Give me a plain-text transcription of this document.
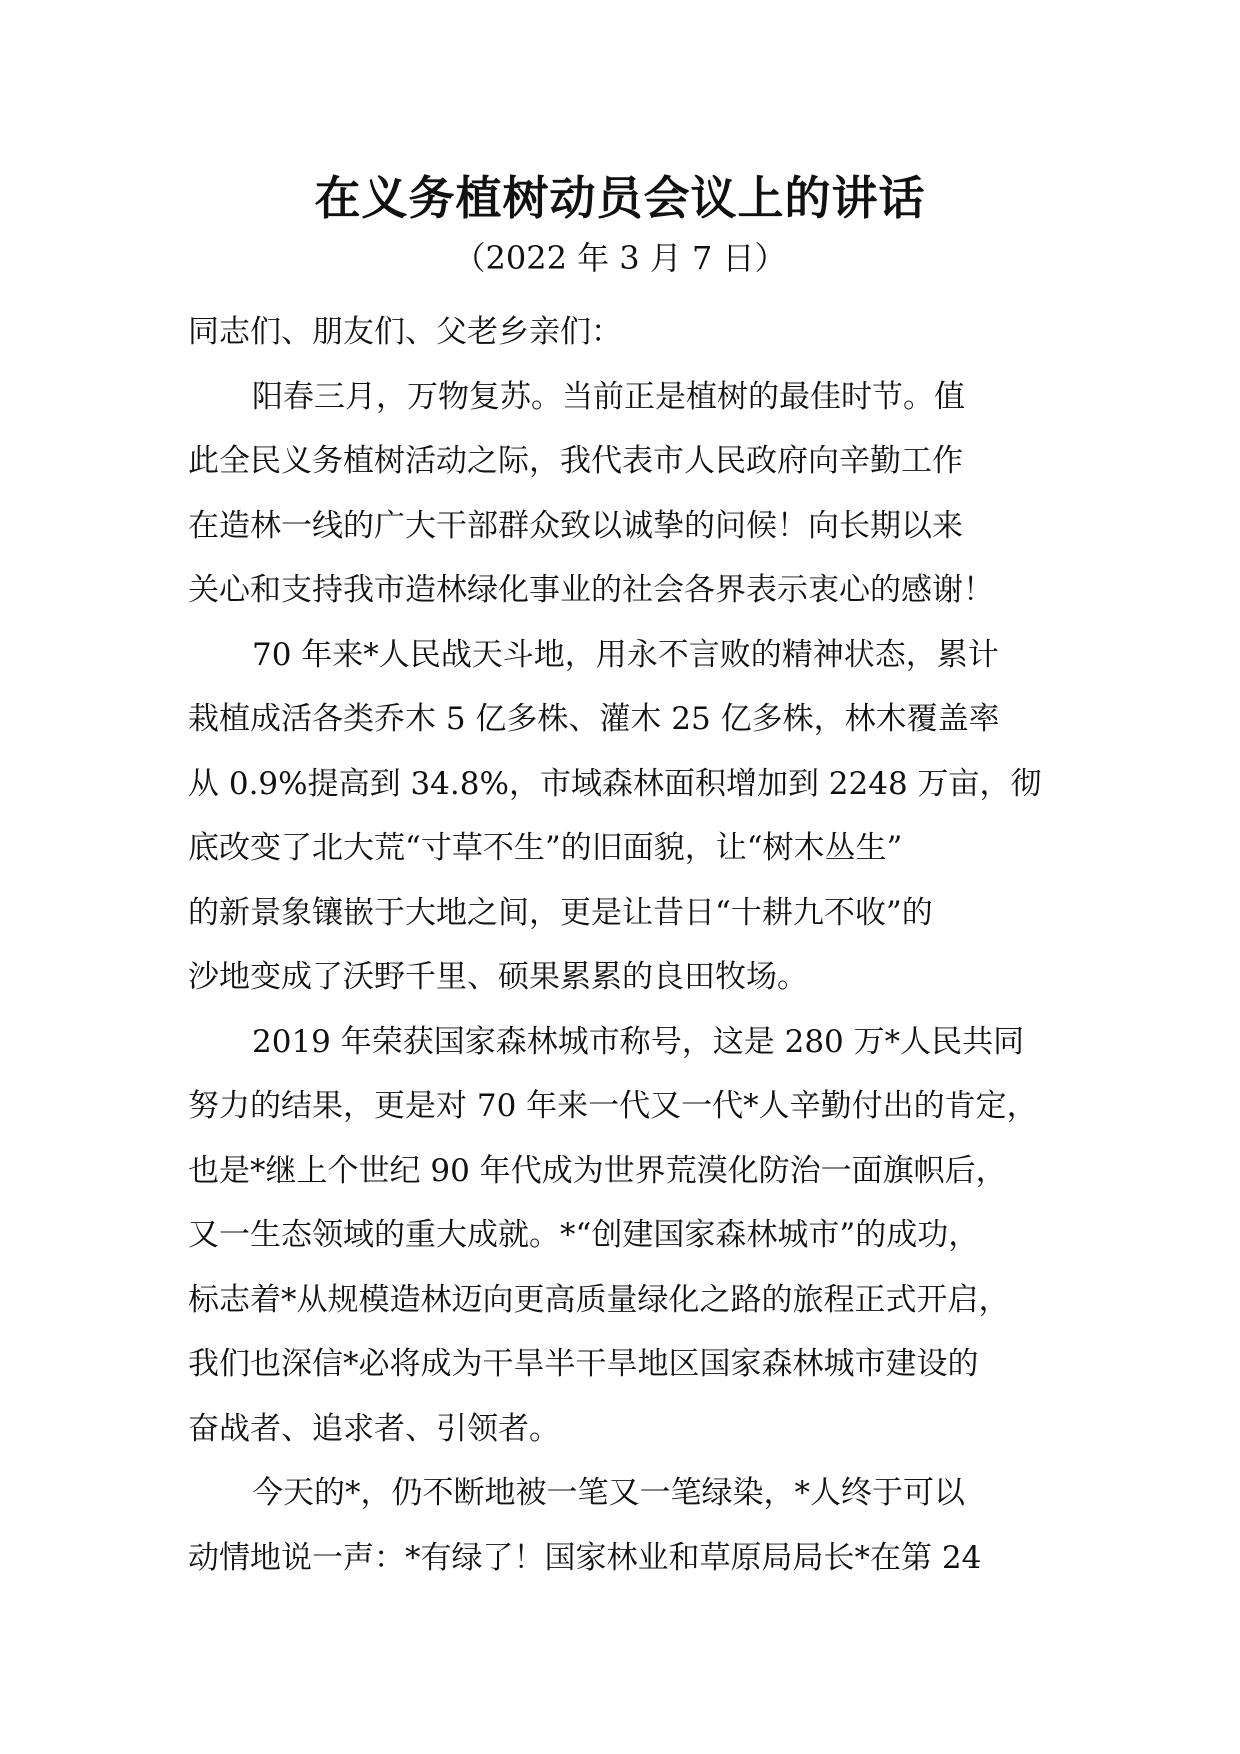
在义务植树动员会议上的讲话
（2022 年 3 月 7 日）
同志们、朋友们、父老乡亲们：
阳春三月，万物复苏。当前正是植树的最佳时节。值
此全民义务植树活动之际，我代表市人民政府向辛勤工作
在造林一线的广大干部群众致以诚挚的问候！向长期以来
关心和支持我市造林绿化事业的社会各界表示衷心的感谢！
70 年来*人民战天斗地，用永不言败的精神状态，累计
栽植成活各类乔木 5 亿多株、灌木 25 亿多株，林木覆盖率
从 0.9%提高到 34.8%，市域森林面积增加到 2248 万亩，彻
底改变了北大荒“寸草不生”的旧面貌，让“树木丛生”
的新景象镶嵌于大地之间，更是让昔日“十耕九不收”的
沙地变成了沃野千里、硕果累累的良田牧场。
2019 年荣获国家森林城市称号，这是 280 万*人民共同
努力的结果，更是对 70 年来一代又一代*人辛勤付出的肯定，
也是*继上个世纪 90 年代成为世界荒漠化防治一面旗帜后，
又一生态领域的重大成就。*“创建国家森林城市”的成功，
标志着*从规模造林迈向更高质量绿化之路的旅程正式开启，
我们也深信*必将成为干旱半干旱地区国家森林城市建设的
奋战者、追求者、引领者。
今天的*，仍不断地被一笔又一笔绿染，*人终于可以
动情地说一声：*有绿了！国家林业和草原局局长*在第 24
